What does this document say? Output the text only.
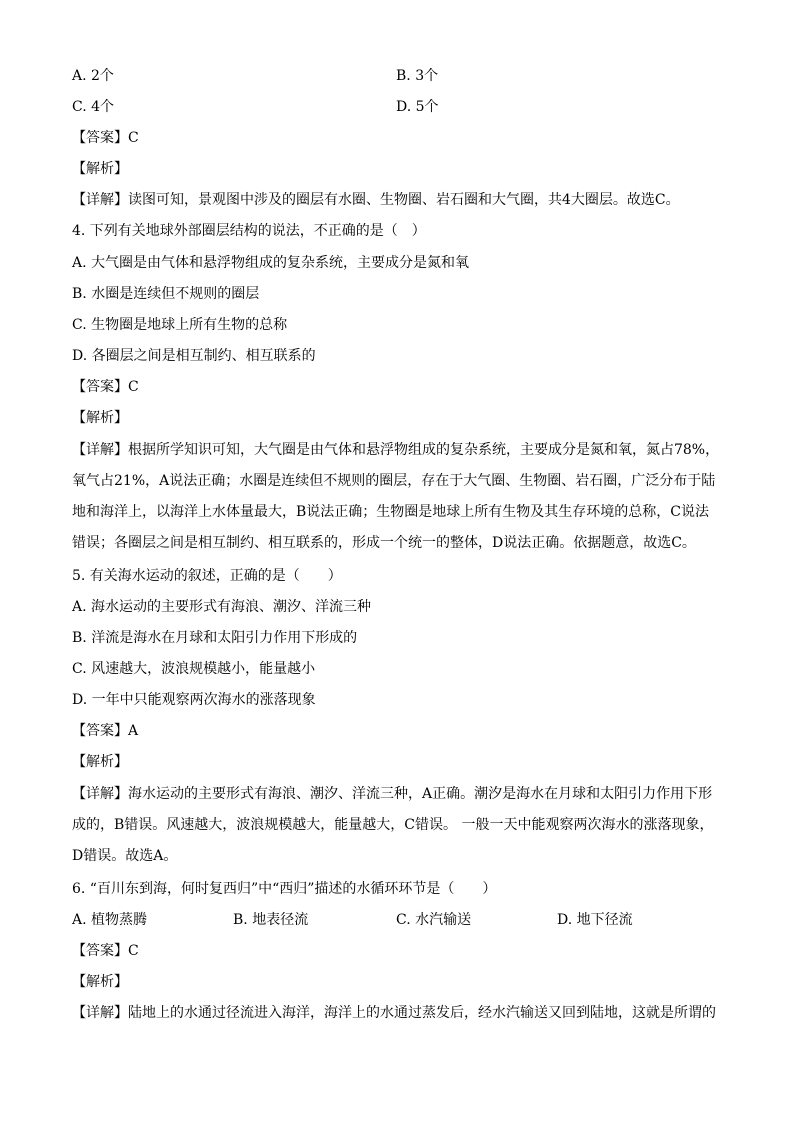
A. 2个	B. 3个
C. 4个	D. 5个
【答案】C
【解析】
【详解】读图可知，景观图中涉及的圈层有水圈、生物圈、岩石圈和大气圈，共4大圈层。故选C。
4. 下列有关地球外部圈层结构的说法，不正确的是（　）
A. 大气圈是由气体和悬浮物组成的复杂系统，主要成分是氮和氧
B. 水圈是连续但不规则的圈层
C. 生物圈是地球上所有生物的总称
D. 各圈层之间是相互制约、相互联系的
【答案】C
【解析】
【详解】根据所学知识可知，大气圈是由气体和悬浮物组成的复杂系统，主要成分是氮和氧，氮占78%，
氧气占21%，A说法正确；水圈是连续但不规则的圈层，存在于大气圈、生物圈、岩石圈，广泛分布于陆
地和海洋上，以海洋上水体量最大，B说法正确；生物圈是地球上所有生物及其生存环境的总称，C说法
错误；各圈层之间是相互制约、相互联系的，形成一个统一的整体，D说法正确。依据题意，故选C。
5. 有关海水运动的叙述，正确的是（　　）
A. 海水运动的主要形式有海浪、潮汐、洋流三种
B. 洋流是海水在月球和太阳引力作用下形成的
C. 风速越大，波浪规模越小，能量越小
D. 一年中只能观察两次海水的涨落现象
【答案】A
【解析】
【详解】海水运动的主要形式有海浪、潮汐、洋流三种，A正确。潮汐是海水在月球和太阳引力作用下形
成的，B错误。风速越大，波浪规模越大，能量越大，C错误。 一般一天中能观察两次海水的涨落现象，
D错误。故选A。
6. “百川东到海，何时复西归”中“西归”描述的水循环环节是（　　）
A. 植物蒸腾	B. 地表径流	C. 水汽输送	D. 地下径流
【答案】C
【解析】
【详解】陆地上的水通过径流进入海洋，海洋上的水通过蒸发后，经水汽输送又回到陆地，这就是所谓的
